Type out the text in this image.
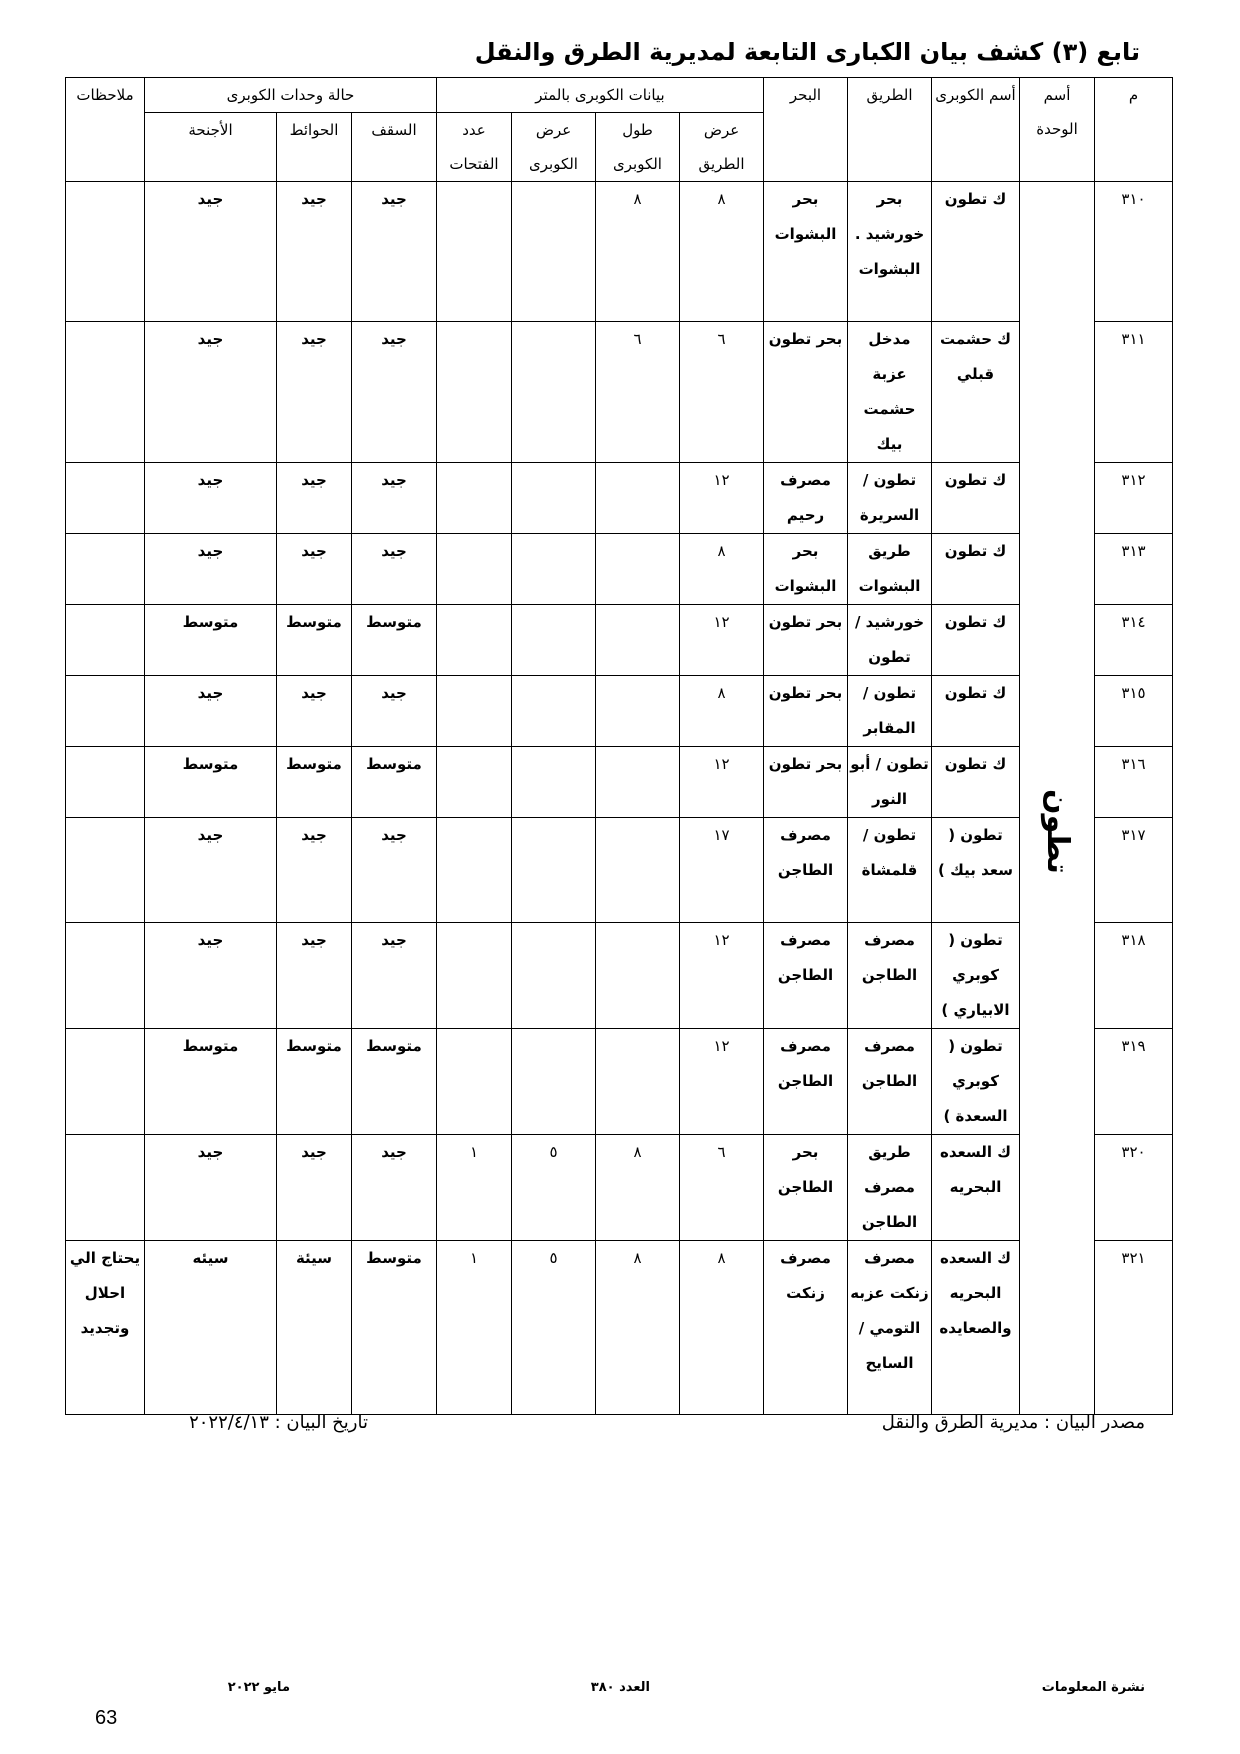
تابع (٣) كشف بيان الكبارى التابعة لمديرية الطرق والنقل
م	أسم الوحدة	أسم الكوبرى	الطريق	البحر	بيانات الكوبرى بالمتر				حالة وحدات الكوبرى			ملاحظات
					عرض الطريق	طول الكوبرى	عرض الكوبرى	عدد الفتحات	السقف	الحوائط	الأجنحة	
٣١٠	تطون	ك تطون	بحر خورشيد . البشوات	بحر البشوات	٨	٨			جيد	جيد	جيد	
٣١١		ك حشمت قبلي	مدخل عزبة حشمت بيك	بحر تطون	٦	٦			جيد	جيد	جيد	
٣١٢		ك تطون	تطون / السريرة	مصرف رحيم	١٢				جيد	جيد	جيد	
٣١٣		ك تطون	طريق البشوات	بحر البشوات	٨				جيد	جيد	جيد	
٣١٤		ك تطون	خورشيد / تطون	بحر تطون	١٢				متوسط	متوسط	متوسط	
٣١٥		ك تطون	تطون / المقابر	بحر تطون	٨				جيد	جيد	جيد	
٣١٦		ك تطون	تطون / أبو النور	بحر تطون	١٢				متوسط	متوسط	متوسط	
٣١٧		تطون ( سعد بيك )	تطون / قلمشاة	مصرف الطاجن	١٧				جيد	جيد	جيد	
٣١٨		تطون ( كوبري الابياري )	مصرف الطاجن	مصرف الطاجن	١٢				جيد	جيد	جيد	
٣١٩		تطون ( كوبري السعدة )	مصرف الطاجن	مصرف الطاجن	١٢				متوسط	متوسط	متوسط	
٣٢٠		ك السعده البحريه	طريق مصرف الطاجن	بحر الطاجن	٦	٨	٥	١	جيد	جيد	جيد	
٣٢١		ك السعده البحريه والصعايده	مصرف زنكت عزبه التومي /السايح	مصرف زنكت	٨	٨	٥	١	متوسط	سيئة	سيئه	يحتاج الي احلال وتجديد
مصدر البيان : مديرية الطرق والنقل
تاريخ البيان : ٢٠٢٢/٤/١٣
نشرة المعلومات
العدد ٣٨٠
مايو ٢٠٢٢
63
